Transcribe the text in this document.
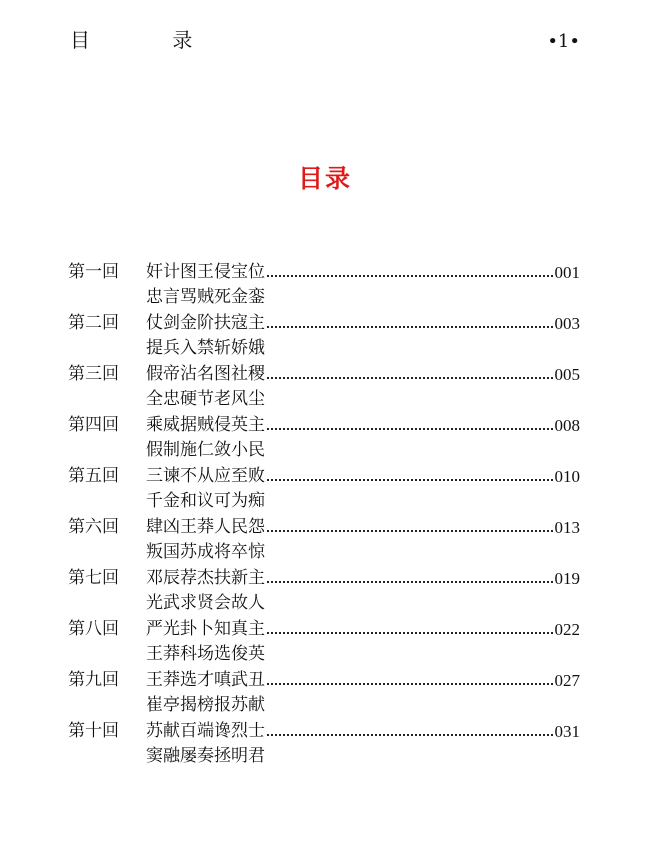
目 录	•1•
目录
第一回	奸计图王侵宝位	001
忠言骂贼死金銮
第二回	仗剑金阶扶寇主	003
提兵入禁斩娇娥
第三回	假帝沾名图社稷	005
全忠硬节老风尘
第四回	乘威据贼侵英主	008
假制施仁敛小民
第五回	三谏不从应至败	010
千金和议可为痴
第六回	肆凶王莽人民怨	013
叛国苏成将卒惊
第七回	邓辰荐杰扶新主	019
光武求贤会故人
第八回	严光卦卜知真主	022
王莽科场选俊英
第九回	王莽选才嗔武丑	027
崔亭揭榜报苏献
第十回	苏献百端谗烈士	031
窦融屡奏拯明君
